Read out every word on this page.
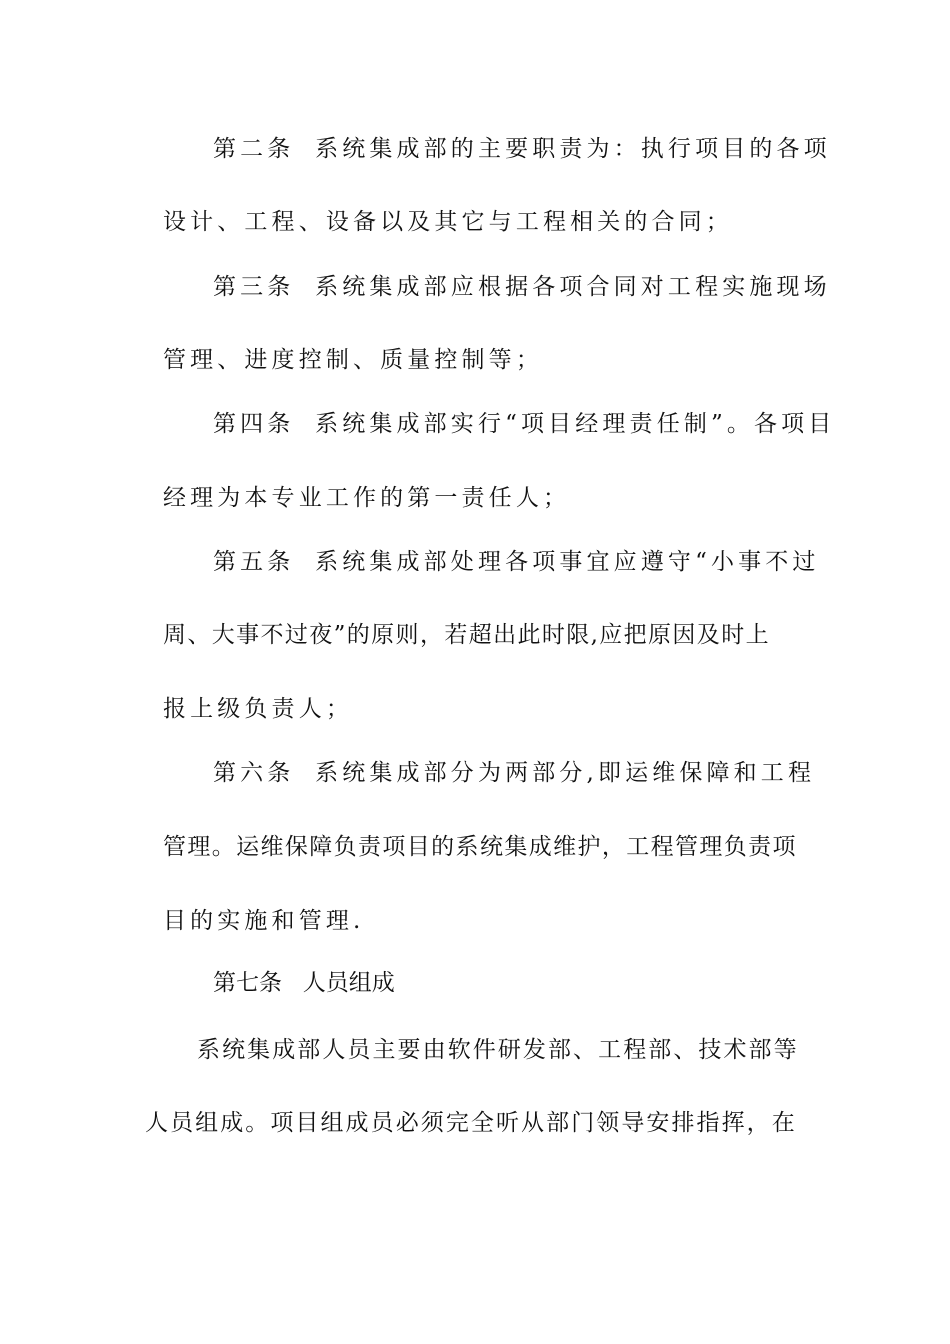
第二条 系统集成部的主要职责为：执行项目的各项
设计、工程、设备以及其它与工程相关的合同；
第三条 系统集成部应根据各项合同对工程实施现场
管理、进度控制、质量控制等；
第四条 系统集成部实行“项目经理责任制”。各项目
经理为本专业工作的第一责任人；
第五条 系统集成部处理各项事宜应遵守“小事不过
周、大事不过夜”的原则，若超出此时限,应把原因及时上
报上级负责人；
第六条 系统集成部分为两部分,即运维保障和工程
管理。运维保障负责项目的系统集成维护，工程管理负责项
目的实施和管理.
第七条 人员组成
系统集成部人员主要由软件研发部、工程部、技术部等
人员组成。项目组成员必须完全听从部门领导安排指挥，在
